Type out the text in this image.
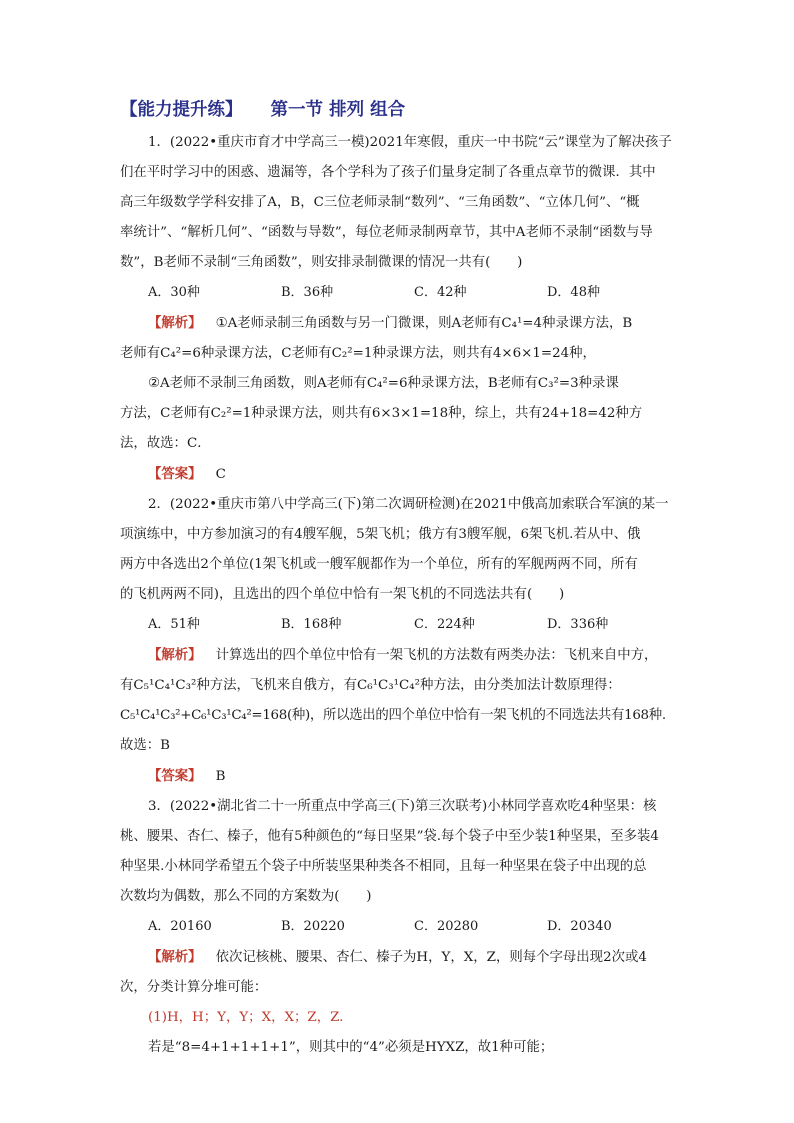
【能力提升练】 第一节 排列 组合

1．(2022•重庆市育才中学高三一模)2021年寒假，重庆一中书院“云”课堂为了解决孩子

们在平时学习中的困惑、遗漏等，各个学科为了孩子们量身定制了各重点章节的微课．其中

高三年级数学学科安排了A，B，C三位老师录制“数列”、“三角函数”、“立体几何”、“概

率统计”、“解析几何”、“函数与导数”，每位老师录制两章节，其中A老师不录制“函数与导

数”，B老师不录制“三角函数”，则安排录制微课的情况一共有(　　)

A．30种	B．36种	C．42种	D．48种

【解析】 ①A老师录制三角函数与另一门微课，则A老师有C₄¹=4种录课方法，B

老师有C₄²=6种录课方法，C老师有C₂²=1种录课方法，则共有4×6×1=24种，

②A老师不录制三角函数，则A老师有C₄²=6种录课方法，B老师有C₃²=3种录课

方法，C老师有C₂²=1种录课方法，则共有6×3×1=18种，综上，共有24+18=42种方

法，故选：C．

【答案】 C

2．(2022•重庆市第八中学高三(下)第二次调研检测)在2021中俄高加索联合军演的某一

项演练中，中方参加演习的有4艘军舰，5架飞机；俄方有3艘军舰，6架飞机.若从中、俄

两方中各选出2个单位(1架飞机或一艘军舰都作为一个单位，所有的军舰两两不同，所有

的飞机两两不同)，且选出的四个单位中恰有一架飞机的不同选法共有(　　)

A．51种	B．168种	C．224种	D．336种

【解析】 计算选出的四个单位中恰有一架飞机的方法数有两类办法：飞机来自中方，

有C₅¹C₄¹C₃²种方法，飞机来自俄方，有C₆¹C₃¹C₄²种方法，由分类加法计数原理得：

C₅¹C₄¹C₃²+C₆¹C₃¹C₄²=168(种)，所以选出的四个单位中恰有一架飞机的不同选法共有168种.

故选：B

【答案】 B

3．(2022•湖北省二十一所重点中学高三(下)第三次联考)小林同学喜欢吃4种坚果：核

桃、腰果、杏仁、榛子，他有5种颜色的“每日坚果”袋.每个袋子中至少装1种坚果，至多装4

种坚果.小林同学希望五个袋子中所装坚果种类各不相同，且每一种坚果在袋子中出现的总

次数均为偶数，那么不同的方案数为(　　)

A．20160	B．20220	C．20280	D．20340

【解析】 依次记核桃、腰果、杏仁、榛子为H，Y，X，Z，则每个字母出现2次或4

次，分类计算分堆可能：

(1)H，H；Y，Y；X，X；Z，Z.

若是“8=4+1+1+1+1”，则其中的“4”必须是HYXZ，故1种可能；
